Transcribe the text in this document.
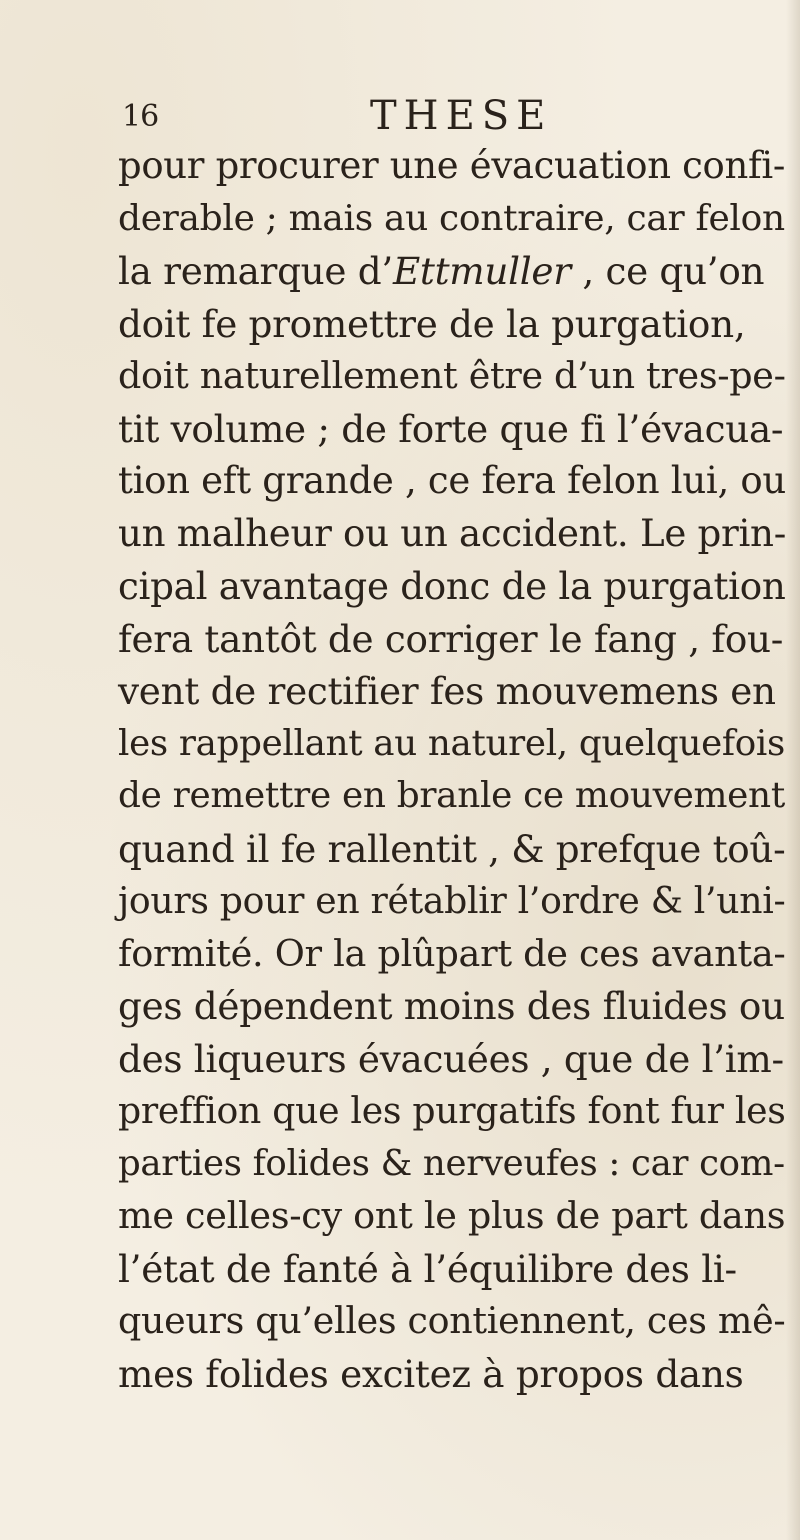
16	THESE
pour procurer une évacuation confi-
derable ; mais au contraire, car felon
la remarque d’Ettmuller , ce qu’on
doit fe promettre de la purgation,
doit naturellement être d’un tres-pe-
tit volume ; de forte que fi l’évacua-
tion eft grande , ce fera felon lui, ou
un malheur ou un accident. Le prin-
cipal avantage donc de la purgation
fera tantôt de corriger le fang , fou-
vent de rectifier fes mouvemens en
les rappellant au naturel, quelquefois
de remettre en branle ce mouvement
quand il fe rallentit , & prefque toû-
jours pour en rétablir l’ordre & l’uni-
formité. Or la plûpart de ces avanta-
ges dépendent moins des fluides ou
des liqueurs évacuées , que de l’im-
preffion que les purgatifs font fur les
parties folides & nerveufes : car com-
me celles-cy ont le plus de part dans
l’état de fanté à l’équilibre des li-
queurs qu’elles contiennent, ces mê-
mes folides excitez à propos dans
